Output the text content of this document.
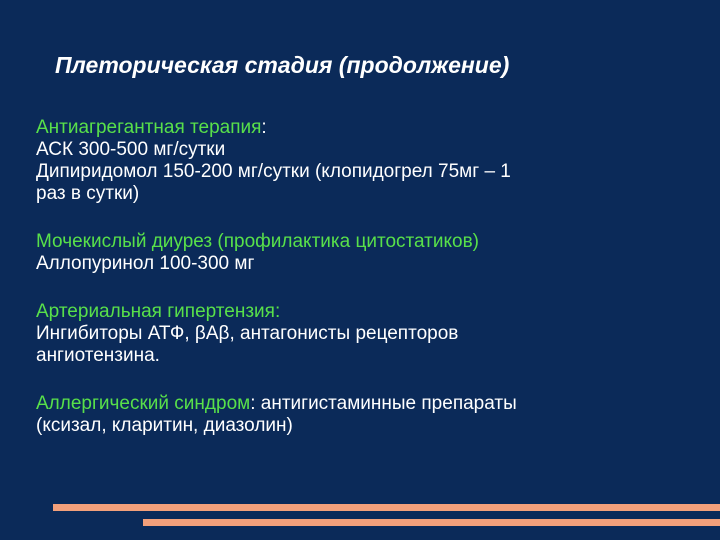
Плеторическая стадия (продолжение)
Антиагрегантная терапия:
АСК 300-500 мг/сутки
Дипиридомол 150-200 мг/сутки (клопидогрел 75мг – 1
раз в сутки)
Мочекислый диурез (профилактика цитостатиков)
Аллопуринол 100-300 мг
Артериальная гипертензия:
Ингибиторы АТФ, βАβ, антагонисты рецепторов
ангиотензина.
Аллергический синдром: антигистаминные препараты
(ксизал, кларитин, диазолин)
